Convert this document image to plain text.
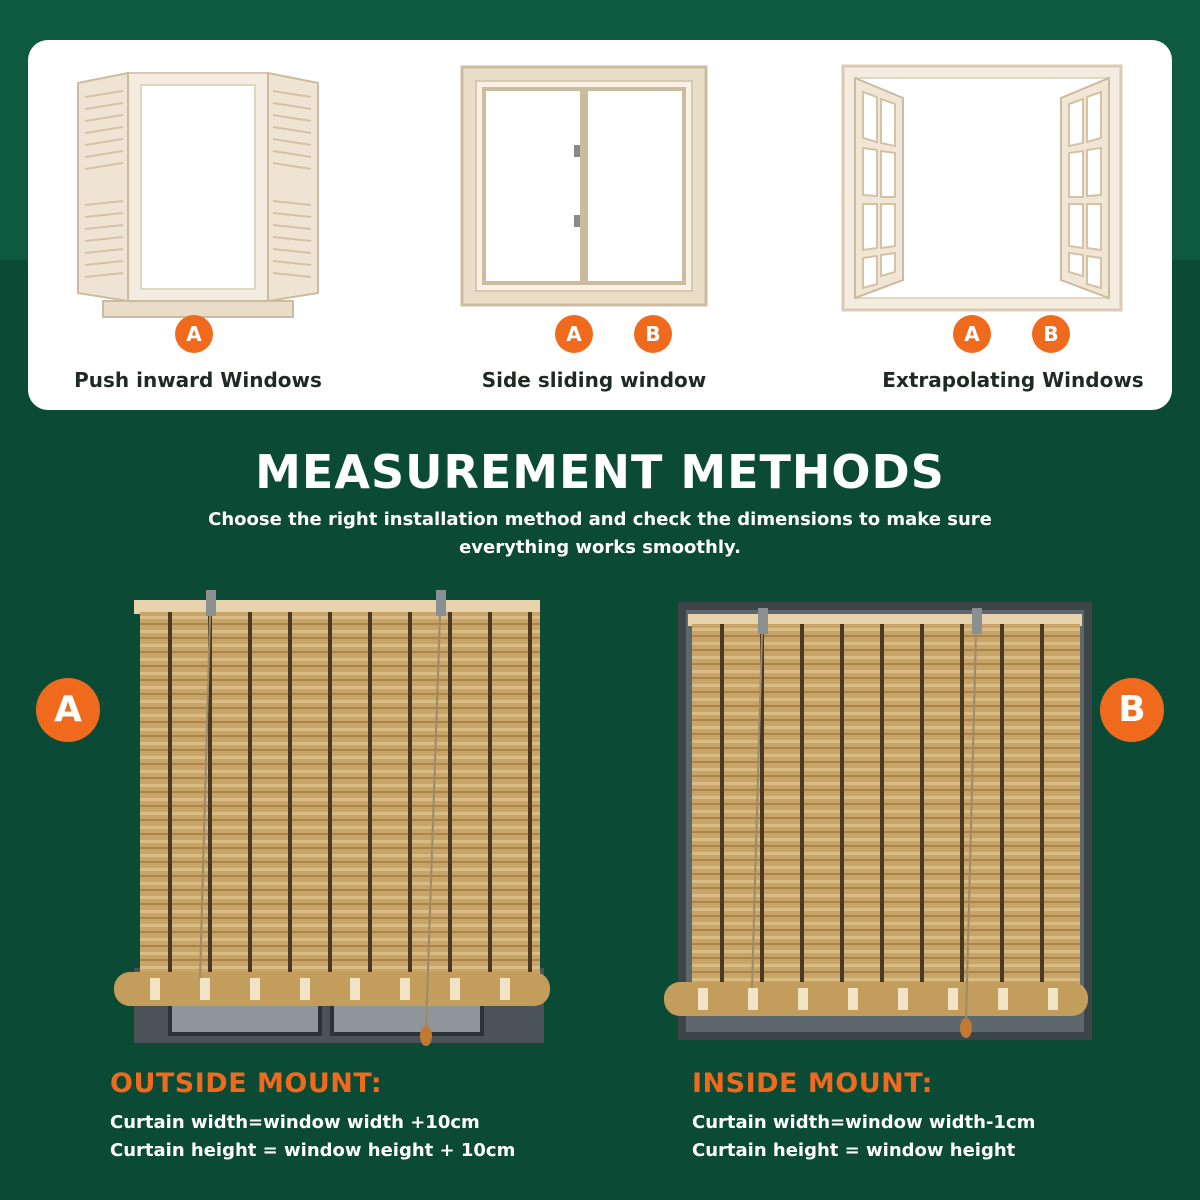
A
Push inward Windows
A	B
Side sliding window
A	B
Extrapolating Windows
MEASUREMENT METHODS
Choose the right installation method and check the dimensions to make sure everything works smoothly.
A
OUTSIDE MOUNT:
Curtain width=window width +10cm
Curtain height = window height + 10cm
B
INSIDE MOUNT:
Curtain width=window width-1cm
Curtain height = window height
